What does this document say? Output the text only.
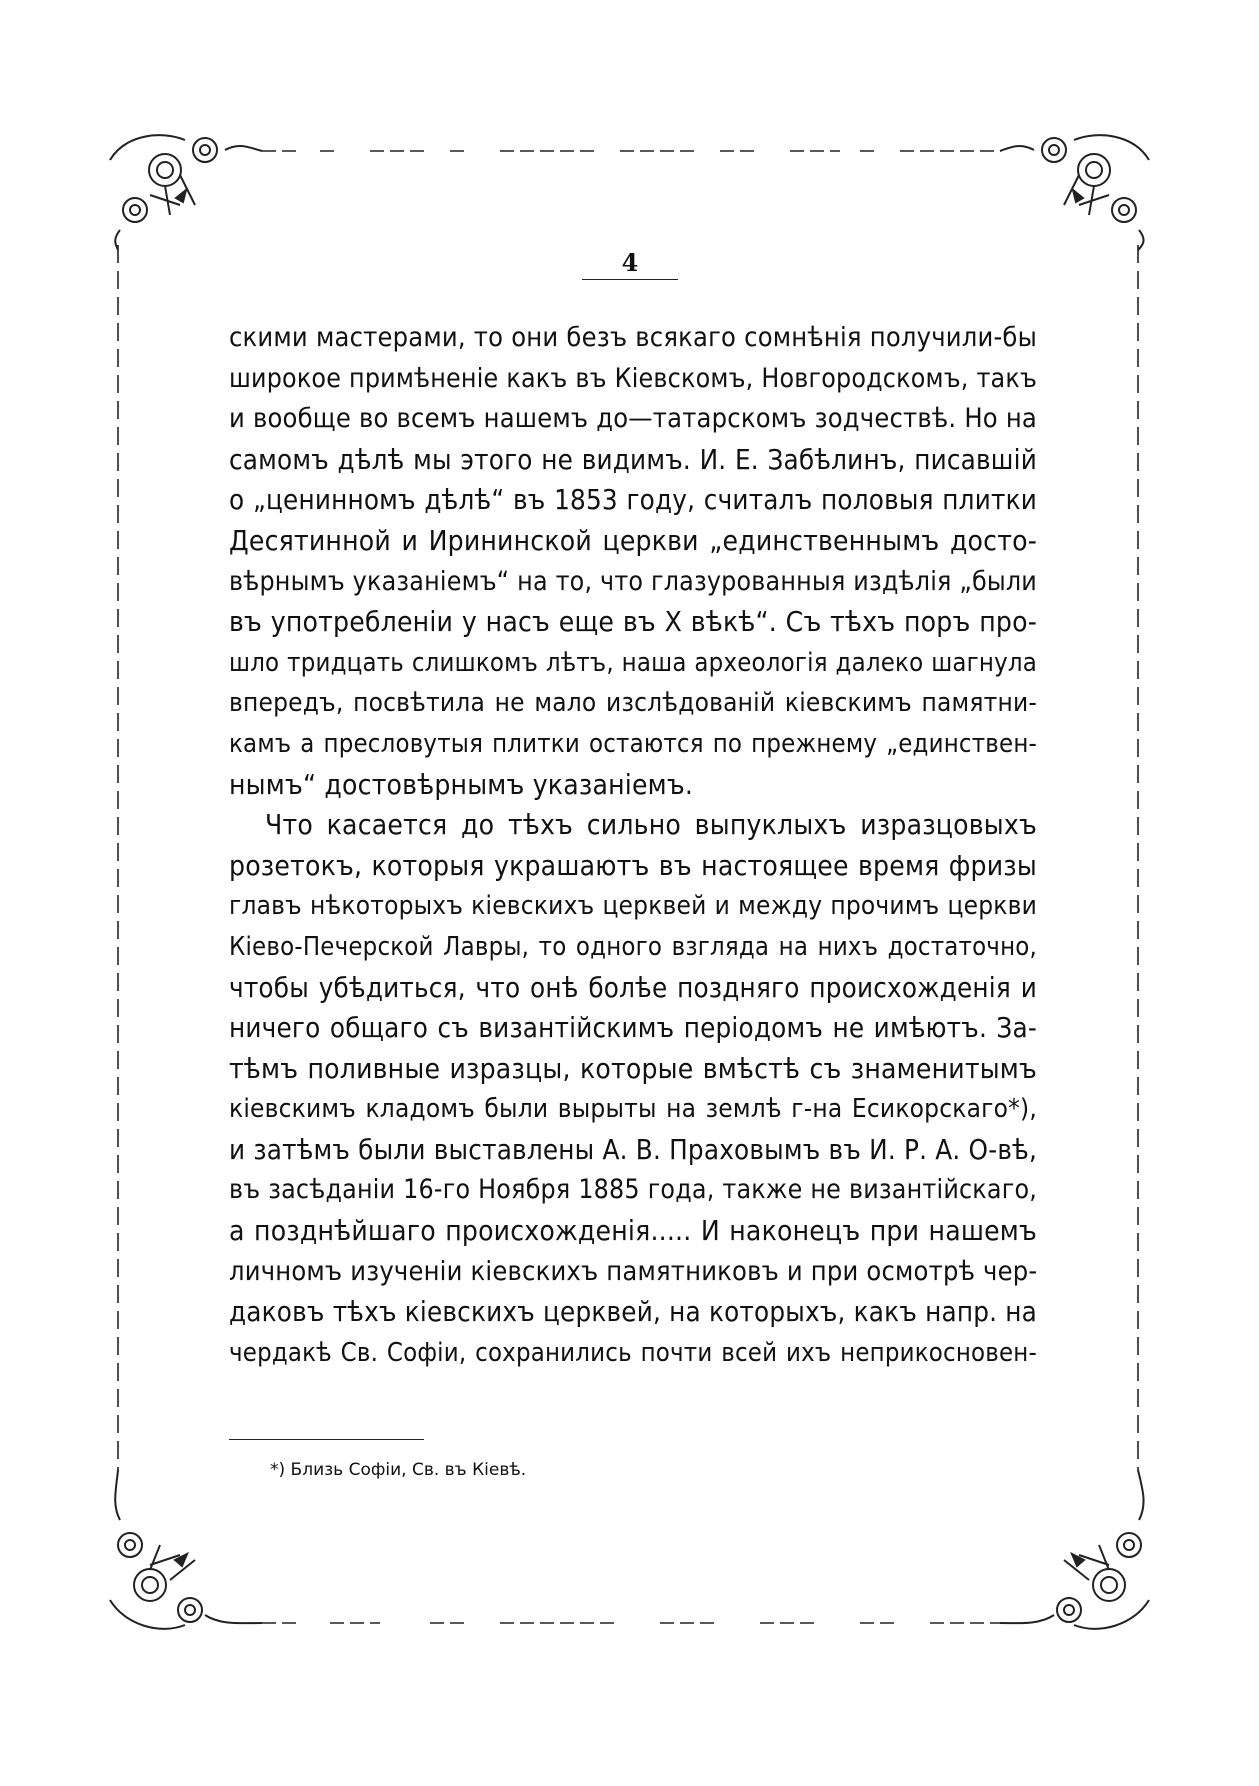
4
скими мастерами, то они безъ всякаго сомнѣнія получили-бы
широкое примѣненіе какъ въ Кіевскомъ, Новгородскомъ, такъ
и вообще во всемъ нашемъ до—татарскомъ зодчествѣ. Но на
самомъ дѣлѣ мы этого не видимъ. И. Е. Забѣлинъ, писавшій
о „ценинномъ дѣлѣ“ въ 1853 году, считалъ половыя плитки
Десятинной и Ирининской церкви „единственнымъ досто-
вѣрнымъ указаніемъ“ на то, что глазурованныя издѣлія „были
въ употребленіи у насъ еще въ X вѣкѣ“. Съ тѣхъ поръ про-
шло тридцать слишкомъ лѣтъ, наша археологія далеко шагнула
впередъ, посвѣтила не мало изслѣдованій кіевскимъ памятни-
камъ а пресловутыя плитки остаются по прежнему „единствен-
нымъ“ достовѣрнымъ указаніемъ.
Что касается до тѣхъ сильно выпуклыхъ изразцовыхъ
розетокъ, которыя украшаютъ въ настоящее время фризы
главъ нѣкоторыхъ кіевскихъ церквей и между прочимъ церкви
Кіево-Печерской Лавры, то одного взгляда на нихъ достаточно,
чтобы убѣдиться, что онѣ болѣе поздняго происхожденія и
ничего общаго съ византійскимъ періодомъ не имѣютъ. За-
тѣмъ поливные изразцы, которые вмѣстѣ съ знаменитымъ
кіевскимъ кладомъ были вырыты на землѣ г-на Есикорскаго*),
и затѣмъ были выставлены А. В. Праховымъ въ И. Р. А. О-вѣ,
въ засѣданіи 16-го Ноября 1885 года, также не византійскаго,
а позднѣйшаго происхожденія..... И наконецъ при нашемъ
личномъ изученіи кіевскихъ памятниковъ и при осмотрѣ чер-
даковъ тѣхъ кіевскихъ церквей, на которыхъ, какъ напр. на
чердакѣ Св. Софіи, сохранились почти всей ихъ неприкосновен-
*) Близь Софіи, Св. въ Кіевѣ.
